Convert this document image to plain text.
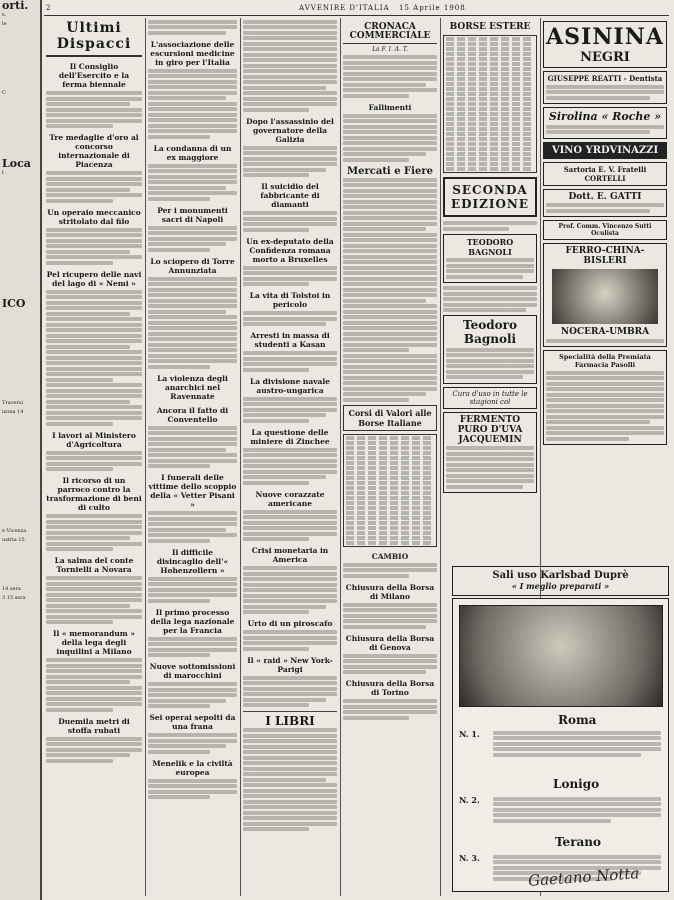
orti.
s.
le
C
Loca
t
ICO
Traversi
izona 14
e Vicenza
ustria 15
14 sera
3 15 sera
2	AVVENIRE D'ITALIA 15 Aprile 1908
Ultimi Dispacci
Il Consiglio dell'Esercito e la ferma biennale
Tre medaglie d'oro al concorso internazionale di Piacenza
Un operaio meccanico stritolato dal filo
Pel ricupero delle navi del lago di « Nemi »
I lavori al Ministero d'Agricoltura
Il ricorso di un parroco contro la trasformazione di beni di culto
La salma del conte Tornielli a Novara
Il « memorandum » della lega degli inquilini a Milano
Duemila metri di stoffa rubati
L'associazione delle escursioni medicine in giro per l'Italia
La condanna di un ex maggiore
Per i monumenti sacri di Napoli
Lo sciopero di Torre Annunziata
La violenza degli anarchici nel Ravennate
Ancora il fatto di Conventello
I funerali delle vittime dello scoppio della « Vetter Pisani »
Il difficile disincaglio dell'« Hohenzollern »
Il primo processo della lega nazionale per la Francia
Nuove sottomissioni di marocchini
Sei operai sepolti da una frana
Menelik e la civiltà europea
Dopo l'assassinio del governatore della Galizia
Il suicidio del fabbricante di diamanti
Un ex-deputato della Confidenza romana morto a Bruxelles
La vita di Tolstoi in pericolo
Arresti in massa di studenti a Kasan
La divisione navale austro-ungarica
La questione delle miniere di Zinchee
Nuove corazzate americane
Crisi monetaria in America
Urto di un piroscafo
Il « raid » New York-Parigi
I LIBRI
CRONACA COMMERCIALE
La F. I. A. T.
Fallimenti
Mercati e Fiere
Corsi di Valori alle Borse Italiane
CAMBIO
Chiusura della Borsa di Milano
Chiusura della Borsa di Genova
Chiusura della Borsa di Torino
BORSE ESTERE
SECONDA EDIZIONE
TEODORO BAGNOLI
Teodoro Bagnoli
Cura d'uso in tutte le stagioni col
FERMENTO PURO D'UVA JACQUEMIN
ASININA
NEGRI
GIUSEPPE REATTI - Dentista
Sirolina « Roche »
VINO YRDVINAZZI
Sartoria E. V. Fratelli CORTELLI
Dott. E. GATTI
Prof. Comm. Vincenzo Sutti Oculista
FERRO-CHINA-BISLERI
NOCERA-UMBRA
Specialità della Premiata Farmacia Pasolli
Sali uso Karlsbad Duprè
« I meglio preparati »
Roma
N. 1.
Lonigo
N. 2.
Terano
N. 3.
Gaetano Notta
